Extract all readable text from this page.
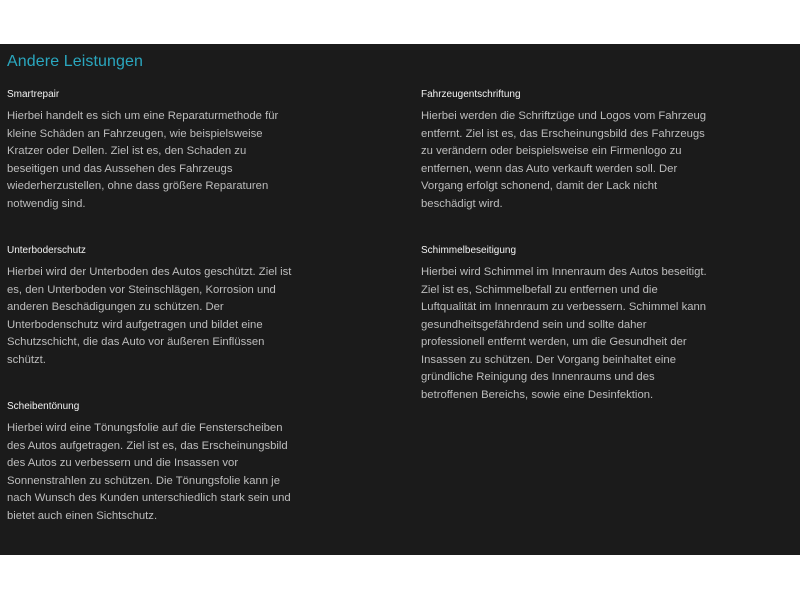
Andere Leistungen
Smartrepair

Hierbei handelt es sich um eine Reparaturmethode für kleine Schäden an Fahrzeugen, wie beispielsweise Kratzer oder Dellen. Ziel ist es, den Schaden zu beseitigen und das Aussehen des Fahrzeugs wiederherzustellen, ohne dass größere Reparaturen notwendig sind.

Unterboderschutz

Hierbei wird der Unterboden des Autos geschützt. Ziel ist es, den Unterboden vor Steinschlägen, Korrosion und anderen Beschädigungen zu schützen. Der Unterbodenschutz wird aufgetragen und bildet eine Schutzschicht, die das Auto vor äußeren Einflüssen schützt.

Scheibentönung

Hierbei wird eine Tönungsfolie auf die Fensterscheiben des Autos aufgetragen. Ziel ist es, das Erscheinungsbild des Autos zu verbessern und die Insassen vor Sonnenstrahlen zu schützen. Die Tönungsfolie kann je nach Wunsch des Kunden unterschiedlich stark sein und bietet auch einen Sichtschutz.

Fahrzeugentschriftung

Hierbei werden die Schriftzüge und Logos vom Fahrzeug entfernt. Ziel ist es, das Erscheinungsbild des Fahrzeugs zu verändern oder beispielsweise ein Firmenlogo zu entfernen, wenn das Auto verkauft werden soll. Der Vorgang erfolgt schonend, damit der Lack nicht beschädigt wird.

Schimmelbeseitigung

Hierbei wird Schimmel im Innenraum des Autos beseitigt. Ziel ist es, Schimmelbefall zu entfernen und die Luftqualität im Innenraum zu verbessern. Schimmel kann gesundheitsgefährdend sein und sollte daher professionell entfernt werden, um die Gesundheit der Insassen zu schützen. Der Vorgang beinhaltet eine gründliche Reinigung des Innenraums und des betroffenen Bereichs, sowie eine Desinfektion.
